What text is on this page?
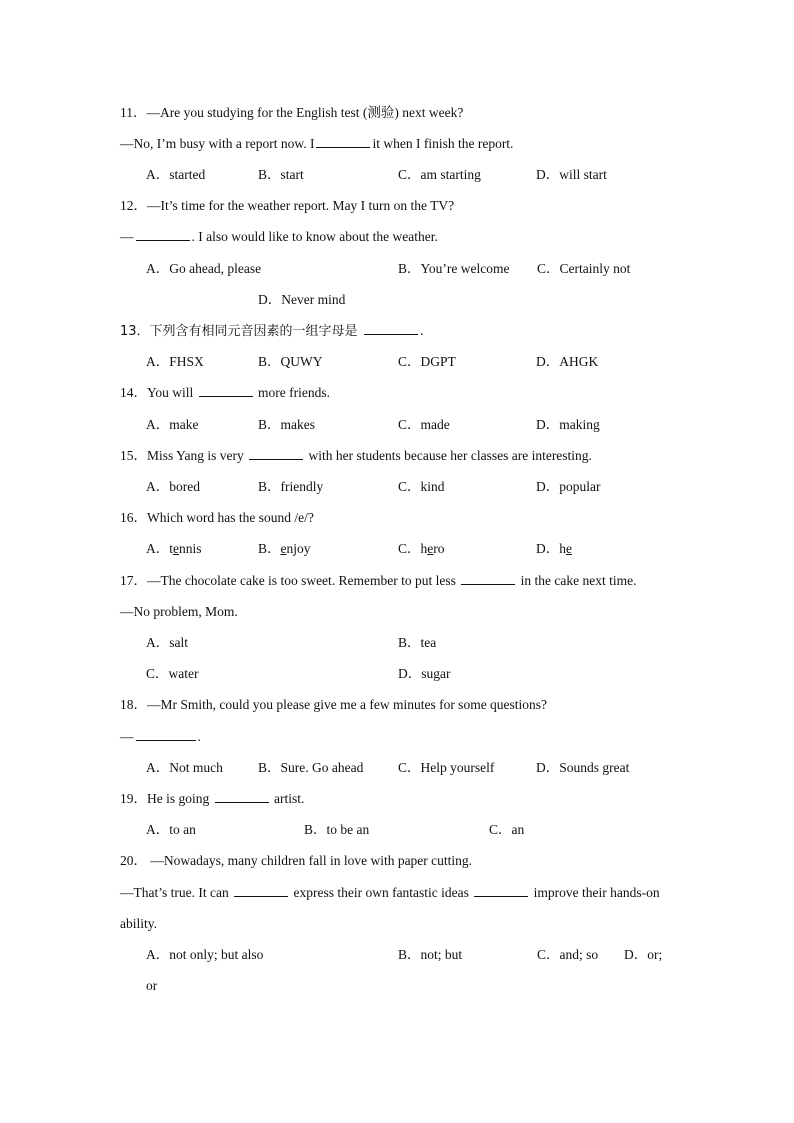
11．—Are you studying for the English test (测验) next week?
—No, I’m busy with a report now. I	it when I finish the report.
A．started	B．start	C．am starting	D．will start
12．—It’s time for the weather report. May I turn on the TV?
—	. I also would like to know about the weather.
A．Go ahead, please	B．You’re welcome C．Certainly not
D．Never mind
13．下列含有相同元音因素的一组字母是	.
A．FHSX	B．QUWY	C．DGPT	D．AHGK
14．You will	more friends.
A．make	B．makes	C．made	D．making
15．Miss Yang is very	with her students because her classes are interesting.
A．bored	B．friendly	C．kind	D．popular
16．Which word has the sound /e/?
A．tennis	B．enjoy	C．hero	D．he
17．—The chocolate cake is too sweet. Remember to put less	in the cake next time.
—No problem, Mom.
A．salt	B．tea
C．water	D．sugar
18．—Mr Smith, could you please give me a few minutes for some questions?
—	.
A．Not much	B．Sure. Go ahead	C．Help yourself	D．Sounds great
19．He is going	artist.
A．to an	B．to be an	C．an
20． —Nowadays, many children fall in love with paper cutting.
—That’s true. It can	express their own fantastic ideas	improve their hands-on
ability.
A．not only; but also	B．not; but	C．and; so D．or;
or
